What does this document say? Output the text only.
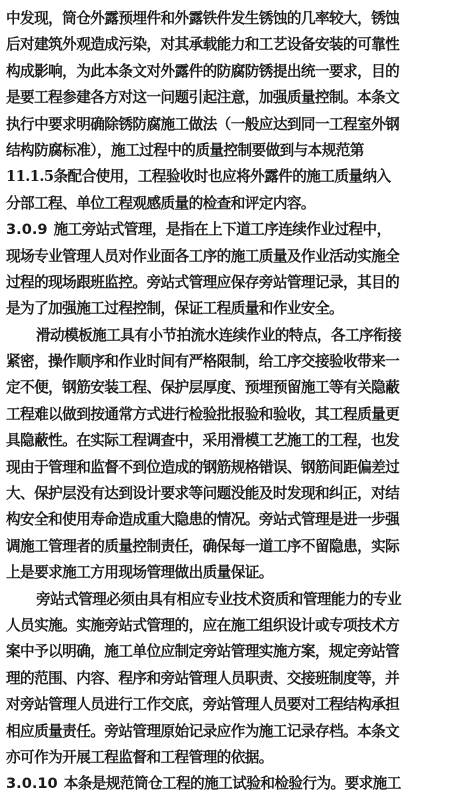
中发现，筒仓外露预埋件和外露铁件发生锈蚀的几率较大，锈蚀
后对建筑外观造成污染，对其承载能力和工艺设备安装的可靠性
构成影响，为此本条文对外露件的防腐防锈提出统一要求，目的
是要工程参建各方对这一问题引起注意，加强质量控制。本条文
执行中要求明确除锈防腐施工做法（一般应达到同一工程室外钢
结构防腐标准），施工过程中的质量控制要做到与本规范第
11.1.5条配合使用，工程验收时也应将外露件的施工质量纳入
分部工程、单位工程观感质量的检查和评定内容。
3.0.9 施工旁站式管理，是指在上下道工序连续作业过程中，
现场专业管理人员对作业面各工序的施工质量及作业活动实施全
过程的现场跟班监控。旁站式管理应保存旁站管理记录，其目的
是为了加强施工过程控制，保证工程质量和作业安全。
滑动模板施工具有小节拍流水连续作业的特点，各工序衔接
紧密，操作顺序和作业时间有严格限制，给工序交接验收带来一
定不便，钢筋安装工程、保护层厚度、预埋预留施工等有关隐蔽
工程难以做到按通常方式进行检验批报验和验收，其工程质量更
具隐蔽性。在实际工程调查中，采用滑模工艺施工的工程，也发
现由于管理和监督不到位造成的钢筋规格错误、钢筋间距偏差过
大、保护层没有达到设计要求等问题没能及时发现和纠正，对结
构安全和使用寿命造成重大隐患的情况。旁站式管理是进一步强
调施工管理者的质量控制责任，确保每一道工序不留隐患，实际
上是要求施工方用现场管理做出质量保证。
旁站式管理必须由具有相应专业技术资质和管理能力的专业
人员实施。实施旁站式管理的，应在施工组织设计或专项技术方
案中予以明确，施工单位应制定旁站管理实施方案，规定旁站管
理的范围、内容、程序和旁站管理人员职责、交接班制度等，并
对旁站管理人员进行工作交底，旁站管理人员要对工程结构承担
相应质量责任。旁站管理原始记录应作为施工记录存档。本条文
亦可作为开展工程监督和工程管理的依据。
3.0.10 本条是规范筒仓工程的施工试验和检验行为。要求施工
